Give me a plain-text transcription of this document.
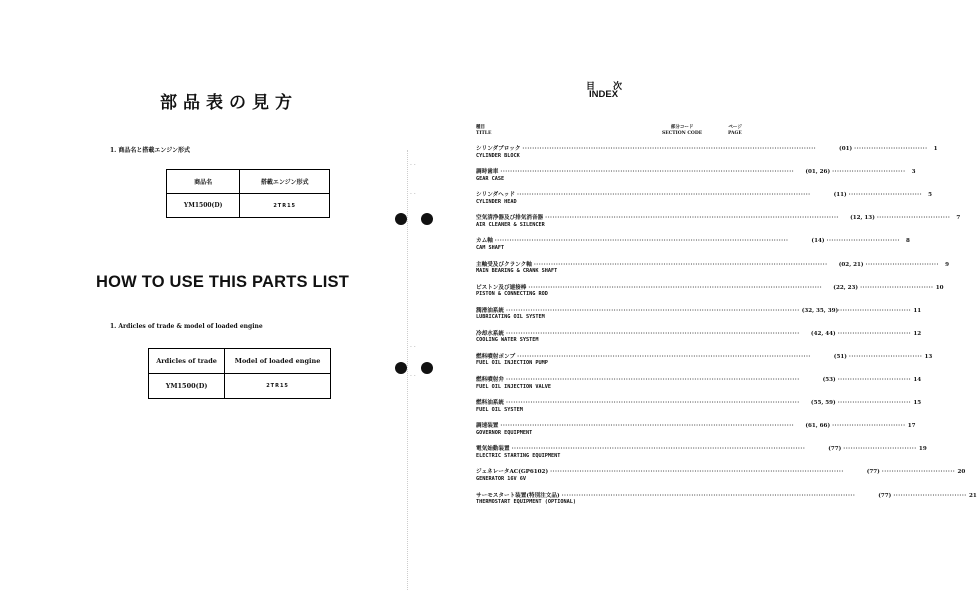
部品表の見方
1. 商品名と搭載エンジン形式
商品名	搭載エンジン形式
YM1500(D)	2TR15
HOW TO USE THIS PARTS LIST
1. Ardicles of trade & model of loaded engine
Ardicles of trade	Model of loaded engine
YM1500(D)	2TR15
· ·
· ·
· ·
· ·
目次
INDEX
種目
TITLE
部分コード
SECTION CODE
ページ
PAGE
シリンダブロック ························································································································	(01) ······························	1
CYLINDER BLOCK
調時歯車 ························································································································	(01, 26) ······························	3
GEAR CASE
シリンダヘッド ························································································································	(11) ······························	5
CYLINDER HEAD
空気清浄器及び排気消音器 ························································································································	(12, 13) ······························	7
AIR CLEANER & SILENCER
カム軸 ························································································································	(14) ······························	8
CAM SHAFT
主軸受及びクランク軸 ························································································································	(02, 21) ······························	9
MAIN BEARING & CRANK SHAFT
ピストン及び連接棒 ························································································································	(22, 23) ······························ 10
PISTON & CONNECTING ROD
潤滑油系統 ························································································································ (32, 35, 39) ······························ 11
LUBRICATING OIL SYSTEM
冷却水系統 ························································································································	(42, 44) ······························ 12
COOLING WATER SYSTEM
燃料噴射ポンプ ························································································································	(51) ······························ 13
FUEL OIL INJECTION PUMP
燃料噴射弁 ························································································································	(53) ······························ 14
FUEL OIL INJECTION VALVE
燃料油系統 ························································································································	(55, 59) ······························ 15
FUEL OIL SYSTEM
調速装置 ························································································································	(61, 66) ······························ 17
GOVERNOR EQUIPMENT
電気始動装置 ························································································································	(77) ······························ 19
ELECTRIC STARTING EQUIPMENT
ジェネレータAC(GP6102) ························································································································	(77) ······························ 20
GENERATOR 16V 6V
サーモスタート装置(特別注文品) ························································································································	(77) ······························ 21
THERMOSTART EQUIPMENT (OPTIONAL)
